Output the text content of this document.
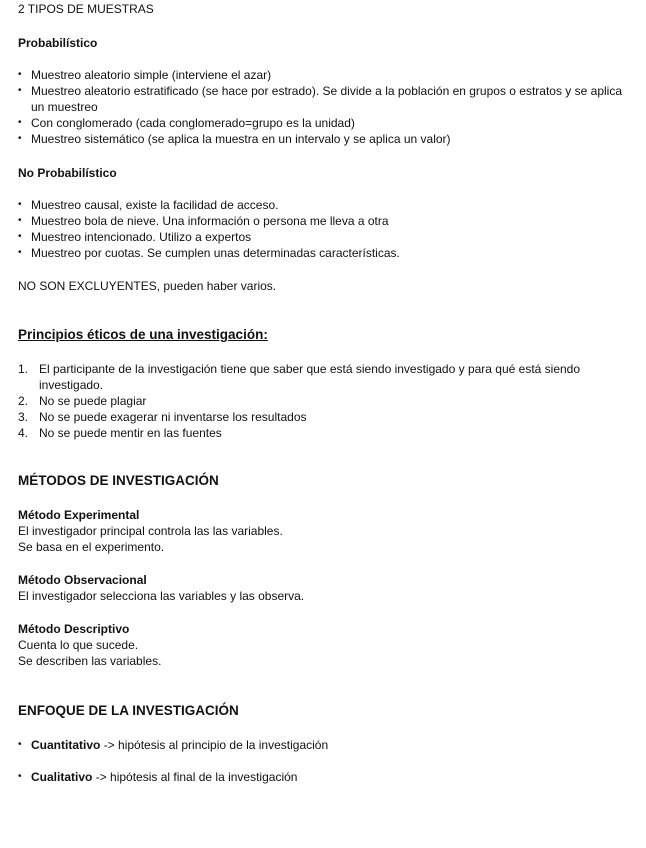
2 TIPOS DE MUESTRAS

Probabilístico

• Muestreo aleatorio simple (interviene el azar)
• Muestreo aleatorio estratificado (se hace por estrado). Se divide a la población en grupos o estratos y se aplica un muestreo
• Con conglomerado (cada conglomerado=grupo es la unidad)
• Muestreo sistemático (se aplica la muestra en un intervalo y se aplica un valor)

No Probabilístico

• Muestreo causal, existe la facilidad de acceso.
• Muestreo bola de nieve. Una información o persona me lleva a otra
• Muestreo intencionado. Utilizo a expertos
• Muestreo por cuotas. Se cumplen unas determinadas características.

NO SON EXCLUYENTES, pueden haber varios.

Principios éticos de una investigación:

1. El participante de la investigación tiene que saber que está siendo investigado y para qué está siendo investigado.
2. No se puede plagiar
3. No se puede exagerar ni inventarse los resultados
4. No se puede mentir en las fuentes

MÉTODOS DE INVESTIGACIÓN

Método Experimental

El investigador principal controla las las variables.

Se basa en el experimento.

Método Observacional

El investigador selecciona las variables y las observa.

Método Descriptivo

Cuenta lo que sucede.

Se describen las variables.

ENFOQUE DE LA INVESTIGACIÓN

• Cuantitativo -> hipótesis al principio de la investigación
• Cualitativo -> hipótesis al final de la investigación
